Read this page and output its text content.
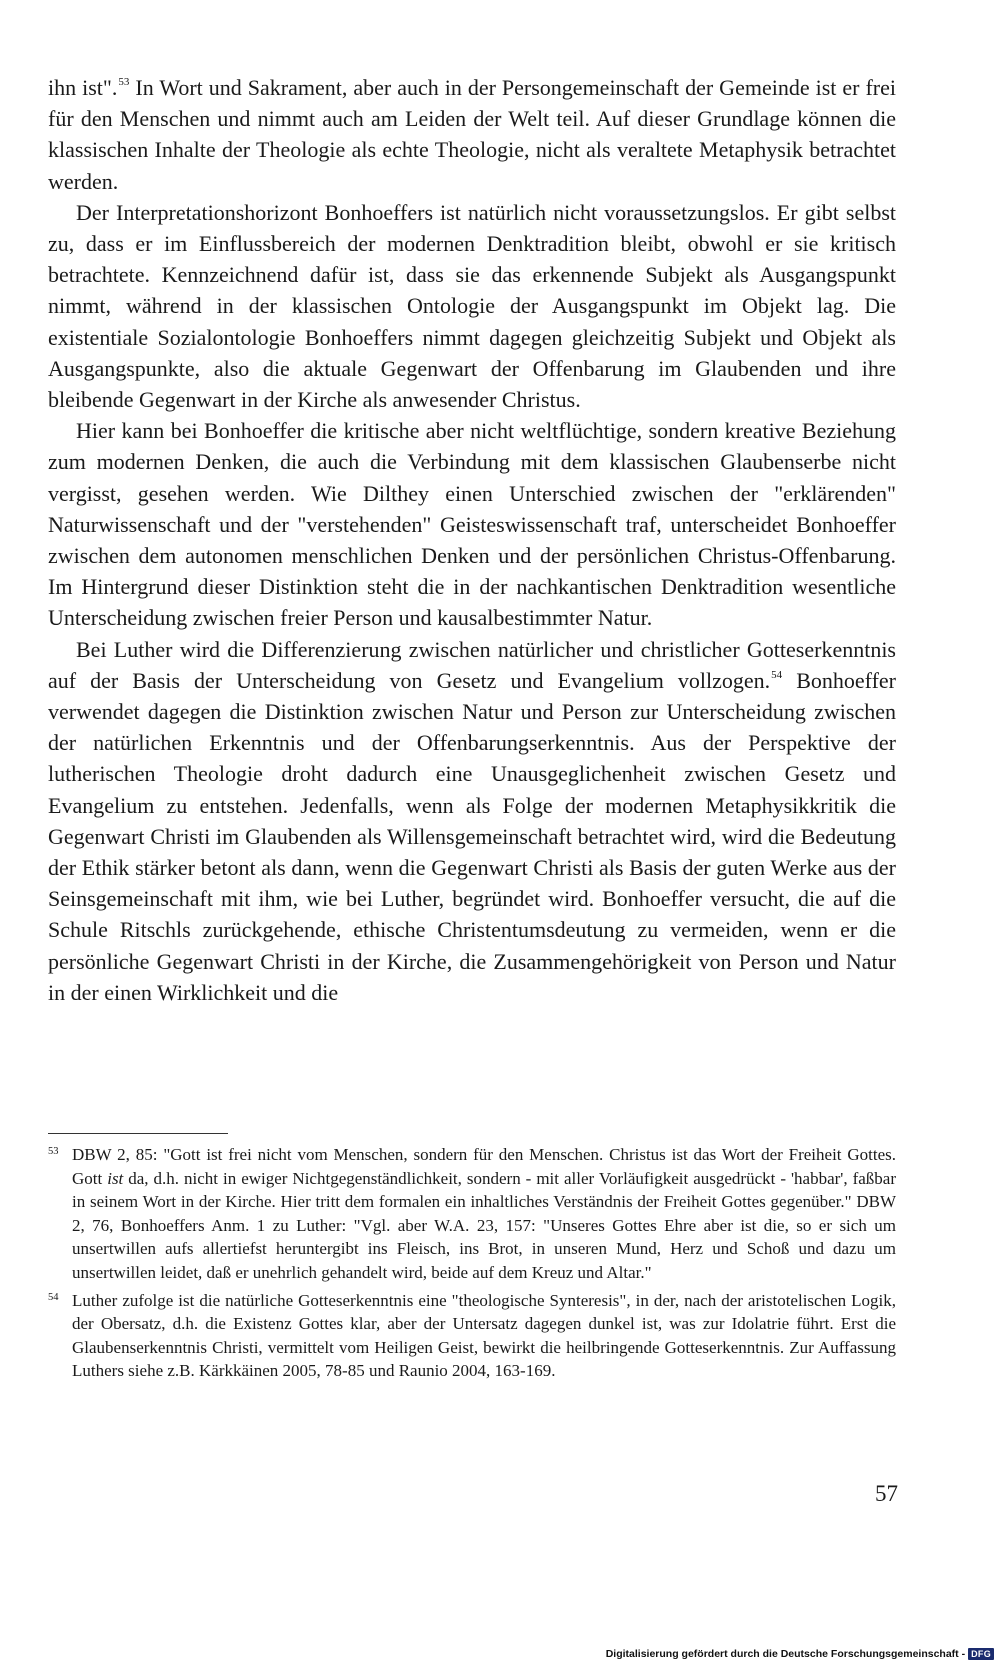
ihn ist".$^{53}$ In Wort und Sakrament, aber auch in der Persongemeinschaft der Gemeinde ist er frei für den Menschen und nimmt auch am Leiden der Welt teil. Auf dieser Grundlage können die klassischen Inhalte der Theologie als echte Theologie, nicht als veraltete Metaphysik betrachtet werden.

Der Interpretationshorizont Bonhoeffers ist natürlich nicht voraussetzungslos. Er gibt selbst zu, dass er im Einflussbereich der modernen Denktradition bleibt, obwohl er sie kritisch betrachtete. Kennzeichnend dafür ist, dass sie das erkennende Subjekt als Ausgangspunkt nimmt, während in der klassischen Ontologie der Ausgangspunkt im Objekt lag. Die existentiale Sozialontologie Bonhoeffers nimmt dagegen gleichzeitig Subjekt und Objekt als Ausgangspunkte, also die aktuale Gegenwart der Offenbarung im Glaubenden und ihre bleibende Gegenwart in der Kirche als anwesender Christus.

Hier kann bei Bonhoeffer die kritische aber nicht weltflüchtige, sondern kreative Beziehung zum modernen Denken, die auch die Verbindung mit dem klassischen Glaubenserbe nicht vergisst, gesehen werden. Wie Dilthey einen Unterschied zwischen der "erklärenden" Naturwissenschaft und der "verstehenden" Geisteswissenschaft traf, unterscheidet Bonhoeffer zwischen dem autonomen menschlichen Denken und der persönlichen Christus-Offenbarung. Im Hintergrund dieser Distinktion steht die in der nachkantischen Denktradition wesentliche Unterscheidung zwischen freier Person und kausalbestimmter Natur.

Bei Luther wird die Differenzierung zwischen natürlicher und christlicher Gotteserkenntnis auf der Basis der Unterscheidung von Gesetz und Evangelium vollzogen.$^{54}$ Bonhoeffer verwendet dagegen die Distinktion zwischen Natur und Person zur Unterscheidung zwischen der natürlichen Erkenntnis und der Offenbarungserkenntnis. Aus der Perspektive der lutherischen Theologie droht dadurch eine Unausgeglichenheit zwischen Gesetz und Evangelium zu entstehen. Jedenfalls, wenn als Folge der modernen Metaphysikkritik die Gegenwart Christi im Glaubenden als Willensgemeinschaft betrachtet wird, wird die Bedeutung der Ethik stärker betont als dann, wenn die Gegenwart Christi als Basis der guten Werke aus der Seinsgemeinschaft mit ihm, wie bei Luther, begründet wird. Bonhoeffer versucht, die auf die Schule Ritschls zurückgehende, ethische Christentumsdeutung zu vermeiden, wenn er die persönliche Gegenwart Christi in der Kirche, die Zusammengehörigkeit von Person und Natur in der einen Wirklichkeit und die

53 DBW 2, 85: "Gott ist frei nicht vom Menschen, sondern für den Menschen. Christus ist das Wort der Freiheit Gottes. Gott ist da, d.h. nicht in ewiger Nichtgegenständlichkeit, sondern - mit aller Vorläufigkeit ausgedrückt - 'habbar', faßbar in seinem Wort in der Kirche. Hier tritt dem formalen ein inhaltliches Verständnis der Freiheit Gottes gegenüber." DBW 2, 76, Bonhoeffers Anm. 1 zu Luther: "Vgl. aber W.A. 23, 157: "Unseres Gottes Ehre aber ist die, so er sich um unsertwillen aufs allertiefst heruntergibt ins Fleisch, ins Brot, in unseren Mund, Herz und Schoß und dazu um unsertwillen leidet, daß er unehrlich gehandelt wird, beide auf dem Kreuz und Altar."
54 Luther zufolge ist die natürliche Gotteserkenntnis eine "theologische Synteresis", in der, nach der aristotelischen Logik, der Obersatz, d.h. die Existenz Gottes klar, aber der Untersatz dagegen dunkel ist, was zur Idolatrie führt. Erst die Glaubenserkenntnis Christi, vermittelt vom Heiligen Geist, bewirkt die heilbringende Gotteserkenntnis. Zur Auffassung Luthers siehe z.B. Kärkkäinen 2005, 78-85 und Raunio 2004, 163-169.
57
Digitalisierung gefördert durch die Deutsche Forschungsgemeinschaft - DFG
